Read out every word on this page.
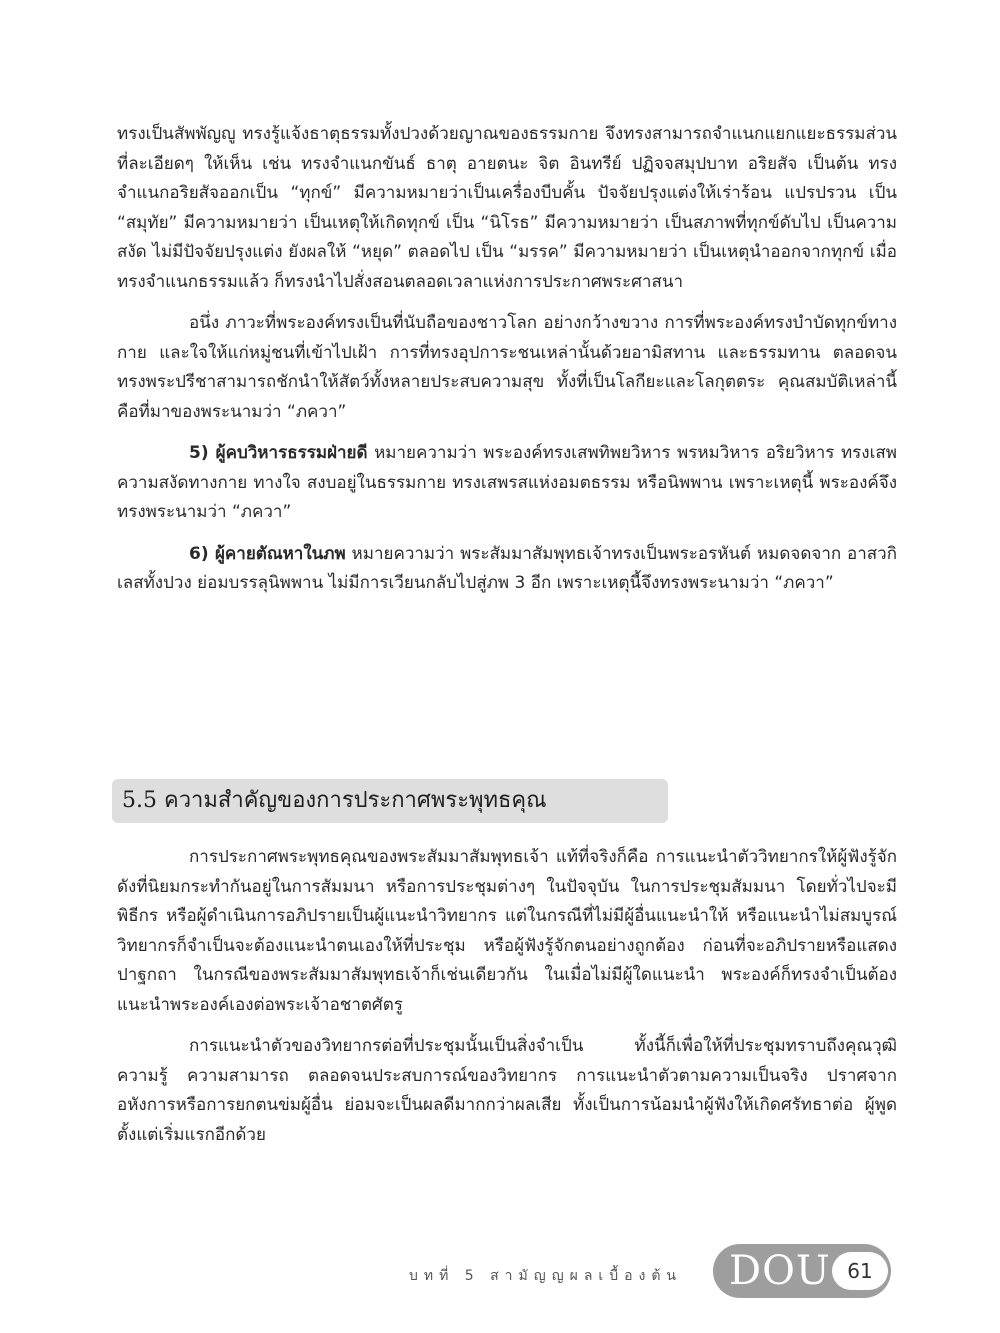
ทรงเป็นสัพพัญญู ทรงรู้แจ้งธาตุธรรมทั้งปวงด้วยญาณของธรรมกาย จึงทรงสามารถจำแนกแยกแยะธรรมส่วนที่ละเอียดๆ ให้เห็น เช่น ทรงจำแนกขันธ์ ธาตุ อายตนะ จิต อินทรีย์ ปฏิจจสมุปบาท อริยสัจ เป็นต้น ทรงจำแนกอริยสัจออกเป็น “ทุกข์” มีความหมายว่าเป็นเครื่องบีบคั้น ปัจจัยปรุงแต่งให้เร่าร้อน แปรปรวน เป็น “สมุทัย” มีความหมายว่า เป็นเหตุให้เกิดทุกข์ เป็น “นิโรธ” มีความหมายว่า เป็นสภาพที่ทุกข์ดับไป เป็นความสงัด ไม่มีปัจจัยปรุงแต่ง ยังผลให้ “หยุด” ตลอดไป เป็น “มรรค” มีความหมายว่า เป็นเหตุนำออกจากทุกข์ เมื่อทรงจำแนกธรรมแล้ว ก็ทรงนำไปสั่งสอนตลอดเวลาแห่งการประกาศพระศาสนา

อนึ่ง ภาวะที่พระองค์ทรงเป็นที่นับถือของชาวโลก อย่างกว้างขวาง การที่พระองค์ทรงบำบัดทุกข์ทางกาย และใจให้แก่หมู่ชนที่เข้าไปเฝ้า การที่ทรงอุปการะชนเหล่านั้นด้วยอามิสทาน และธรรมทาน ตลอดจน ทรงพระปรีชาสามารถชักนำให้สัตว์ทั้งหลายประสบความสุข ทั้งที่เป็นโลกียะและโลกุตตระ คุณสมบัติเหล่านี้คือที่มาของพระนามว่า “ภควา”

5) ผู้คบวิหารธรรมฝ่ายดี หมายความว่า พระองค์ทรงเสพทิพยวิหาร พรหมวิหาร อริยวิหาร ทรงเสพความสงัดทางกาย ทางใจ สงบอยู่ในธรรมกาย ทรงเสพรสแห่งอมตธรรม หรือนิพพาน เพราะเหตุนี้ พระองค์จึงทรงพระนามว่า “ภควา”

6) ผู้คายตัณหาในภพ หมายความว่า พระสัมมาสัมพุทธเจ้าทรงเป็นพระอรหันต์ หมดจดจาก อาสวกิเลสทั้งปวง ย่อมบรรลุนิพพาน ไม่มีการเวียนกลับไปสู่ภพ 3 อีก เพราะเหตุนี้จึงทรงพระนามว่า “ภควา”

5.5 ความสำคัญของการประกาศพระพุทธคุณ

การประกาศพระพุทธคุณของพระสัมมาสัมพุทธเจ้า แท้ที่จริงก็คือ การแนะนำตัววิทยากรให้ผู้ฟังรู้จัก ดังที่นิยมกระทำกันอยู่ในการสัมมนา หรือการประชุมต่างๆ ในปัจจุบัน ในการประชุมสัมมนา โดยทั่วไปจะมีพิธีกร หรือผู้ดำเนินการอภิปรายเป็นผู้แนะนำวิทยากร แต่ในกรณีที่ไม่มีผู้อื่นแนะนำให้ หรือแนะนำไม่สมบูรณ์ วิทยากรก็จำเป็นจะต้องแนะนำตนเองให้ที่ประชุม หรือผู้ฟังรู้จักตนอย่างถูกต้อง ก่อนที่จะอภิปรายหรือแสดงปาฐกถา ในกรณีของพระสัมมาสัมพุทธเจ้าก็เช่นเดียวกัน ในเมื่อไม่มีผู้ใดแนะนำ พระองค์ก็ทรงจำเป็นต้องแนะนำพระองค์เองต่อพระเจ้าอชาตศัตรู

การแนะนำตัวของวิทยากรต่อที่ประชุมนั้นเป็นสิ่งจำเป็น ทั้งนี้ก็เพื่อให้ที่ประชุมทราบถึงคุณวุฒิ ความรู้ ความสามารถ ตลอดจนประสบการณ์ของวิทยากร การแนะนำตัวตามความเป็นจริง ปราศจาก อหังการหรือการยกตนข่มผู้อื่น ย่อมจะเป็นผลดีมากกว่าผลเสีย ทั้งเป็นการน้อมนำผู้ฟังให้เกิดศรัทธาต่อ ผู้พูด ตั้งแต่เริ่มแรกอีกด้วย

บทที่ 5 สามัญญผลเบื้องต้น DOU 61
